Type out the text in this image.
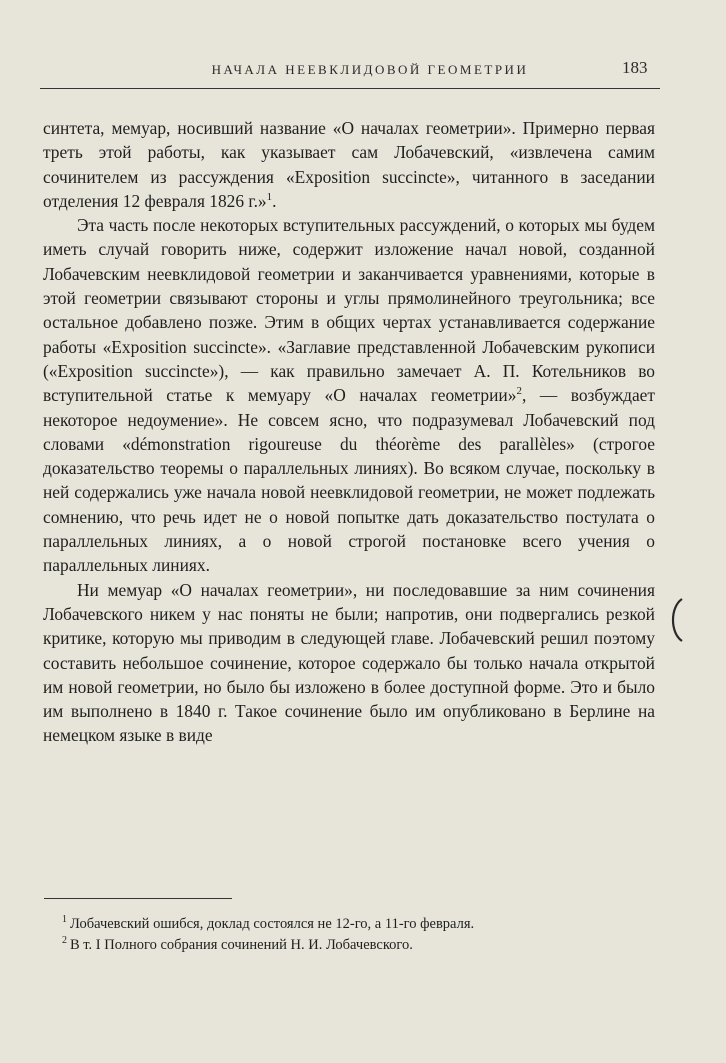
НАЧАЛА НЕЕВКЛИДОВОЙ ГЕОМЕТРИИ	183

синтета, мемуар, носивший название «О началах геометрии». Примерно первая треть этой работы, как указывает сам Лобачевский, «извлечена самим сочинителем из рассуждения «Exposition succincte», читанного в заседании отделения 12 февраля 1826 г.»$^1$.

Эта часть после некоторых вступительных рассуждений, о которых мы будем иметь случай говорить ниже, содержит изложение начал новой, созданной Лобачевским неевклидовой геометрии и заканчивается уравнениями, которые в этой геометрии связывают стороны и углы прямолинейного треугольника; все остальное добавлено позже. Этим в общих чертах устанавливается содержание работы «Exposition succincte». «Заглавие представленной Лобачевским рукописи («Exposition succincte»), — как правильно замечает А. П. Котельников во вступительной статье к мемуару «О началах геометрии»$^2$, — возбуждает некоторое недоумение». Не совсем ясно, что подразумевал Лобачевский под словами «démonstration rigoureuse du théorème des parallèles» (строгое доказательство теоремы о параллельных линиях). Во всяком случае, поскольку в ней содержались уже начала новой неевклидовой геометрии, не может подлежать сомнению, что речь идет не о новой попытке дать доказательство постулата о параллельных линиях, а о новой строгой постановке всего учения о параллельных линиях.

Ни мемуар «О началах геометрии», ни последовавшие за ним сочинения Лобачевского никем у нас поняты не были; напротив, они подвергались резкой критике, которую мы приводим в следующей главе. Лобачевский решил поэтому составить небольшое сочинение, которое содержало бы только начала открытой им новой геометрии, но было бы изложено в более доступной форме. Это и было им выполнено в 1840 г. Такое сочинение было им опубликовано в Берлине на немецком языке в виде

$^1$ Лобачевский ошибся, доклад состоялся не 12-го, а 11-го февраля.

$^2$ В т. I Полного собрания сочинений Н. И. Лобачевского.
